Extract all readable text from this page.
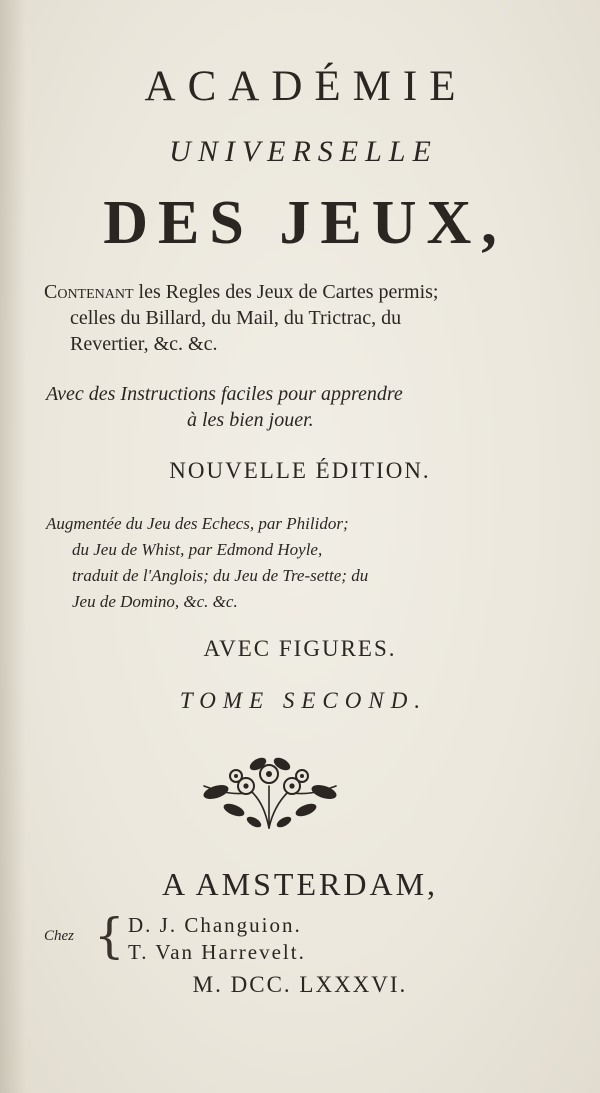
ACADÉMIE
UNIVERSELLE
DES JEUX,
Contenant les Regles des Jeux de Cartes permis;
celles du Billard, du Mail, du Trictrac, du
Revertier, &c. &c.
Avec des Instructions faciles pour apprendre
à les bien jouer.
NOUVELLE ÉDITION.
Augmentée du Jeu des Echecs, par Philidor;
du Jeu de Whist, par Edmond Hoyle,
traduit de l'Anglois; du Jeu de Tre-sette; du
Jeu de Domino, &c. &c.
AVEC FIGURES.
TOME SECOND.
A AMSTERDAM,
Chez { D. J. Changuion.
T. Van Harrevelt.
M. DCC. LXXXVI.
